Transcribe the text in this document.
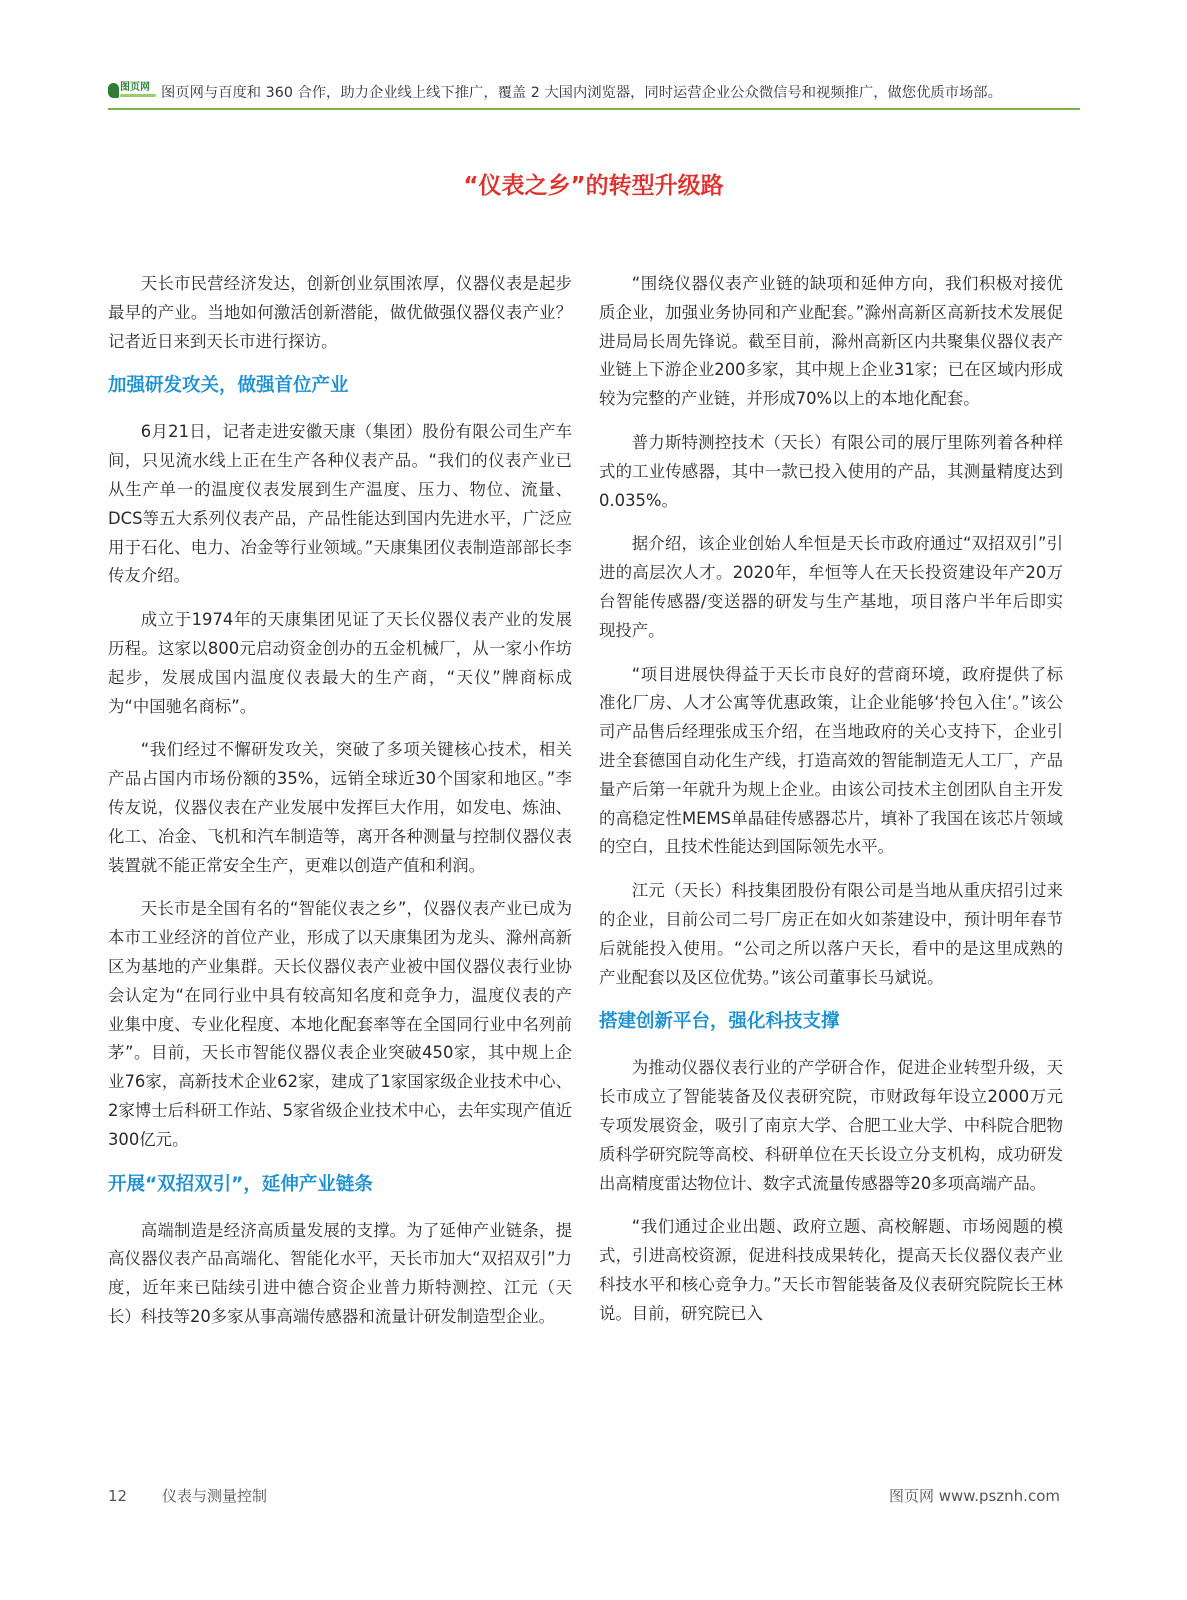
图页网 图页网与百度和 360 合作，助力企业线上线下推广，覆盖 2 大国内浏览器，同时运营企业公众微信号和视频推广，做您优质市场部。
“仪表之乡”的转型升级路

天长市民营经济发达，创新创业氛围浓厚，仪器仪表是起步最早的产业。当地如何激活创新潜能，做优做强仪器仪表产业？记者近日来到天长市进行探访。

加强研发攻关，做强首位产业

6月21日，记者走进安徽天康（集团）股份有限公司生产车间，只见流水线上正在生产各种仪表产品。“我们的仪表产业已从生产单一的温度仪表发展到生产温度、压力、物位、流量、DCS等五大系列仪表产品，产品性能达到国内先进水平，广泛应用于石化、电力、冶金等行业领域。”天康集团仪表制造部部长李传友介绍。

成立于1974年的天康集团见证了天长仪器仪表产业的发展历程。这家以800元启动资金创办的五金机械厂，从一家小作坊起步，发展成国内温度仪表最大的生产商，“天仪”牌商标成为“中国驰名商标”。

“我们经过不懈研发攻关，突破了多项关键核心技术，相关产品占国内市场份额的35%，远销全球近30个国家和地区。”李传友说，仪器仪表在产业发展中发挥巨大作用，如发电、炼油、化工、冶金、飞机和汽车制造等，离开各种测量与控制仪器仪表装置就不能正常安全生产，更难以创造产值和利润。

天长市是全国有名的“智能仪表之乡”，仪器仪表产业已成为本市工业经济的首位产业，形成了以天康集团为龙头、滁州高新区为基地的产业集群。天长仪器仪表产业被中国仪器仪表行业协会认定为“在同行业中具有较高知名度和竞争力，温度仪表的产业集中度、专业化程度、本地化配套率等在全国同行业中名列前茅”。目前，天长市智能仪器仪表企业突破450家，其中规上企业76家，高新技术企业62家，建成了1家国家级企业技术中心、2家博士后科研工作站、5家省级企业技术中心，去年实现产值近300亿元。

开展“双招双引”，延伸产业链条

高端制造是经济高质量发展的支撑。为了延伸产业链条，提高仪器仪表产品高端化、智能化水平，天长市加大“双招双引”力度，近年来已陆续引进中德合资企业普力斯特测控、江元（天长）科技等20多家从事高端传感器和流量计研发制造型企业。

“围绕仪器仪表产业链的缺项和延伸方向，我们积极对接优质企业，加强业务协同和产业配套。”滁州高新区高新技术发展促进局局长周先锋说。截至目前，滁州高新区内共聚集仪器仪表产业链上下游企业200多家，其中规上企业31家；已在区域内形成较为完整的产业链，并形成70%以上的本地化配套。

普力斯特测控技术（天长）有限公司的展厅里陈列着各种样式的工业传感器，其中一款已投入使用的产品，其测量精度达到0.035%。

据介绍，该企业创始人牟恒是天长市政府通过“双招双引”引进的高层次人才。2020年，牟恒等人在天长投资建设年产20万台智能传感器/变送器的研发与生产基地，项目落户半年后即实现投产。

“项目进展快得益于天长市良好的营商环境，政府提供了标准化厂房、人才公寓等优惠政策，让企业能够‘拎包入住’。”该公司产品售后经理张成玉介绍，在当地政府的关心支持下，企业引进全套德国自动化生产线，打造高效的智能制造无人工厂，产品量产后第一年就升为规上企业。由该公司技术主创团队自主开发的高稳定性MEMS单晶硅传感器芯片，填补了我国在该芯片领域的空白，且技术性能达到国际领先水平。

江元（天长）科技集团股份有限公司是当地从重庆招引过来的企业，目前公司二号厂房正在如火如荼建设中，预计明年春节后就能投入使用。“公司之所以落户天长，看中的是这里成熟的产业配套以及区位优势。”该公司董事长马斌说。

搭建创新平台，强化科技支撑

为推动仪器仪表行业的产学研合作，促进企业转型升级，天长市成立了智能装备及仪表研究院，市财政每年设立2000万元专项发展资金，吸引了南京大学、合肥工业大学、中科院合肥物质科学研究院等高校、科研单位在天长设立分支机构，成功研发出高精度雷达物位计、数字式流量传感器等20多项高端产品。

“我们通过企业出题、政府立题、高校解题、市场阅题的模式，引进高校资源，促进科技成果转化，提高天长仪器仪表产业科技水平和核心竞争力。”天长市智能装备及仪表研究院院长王林说。目前，研究院已入

12 仪表与测量控制	图页网 www.psznh.com
